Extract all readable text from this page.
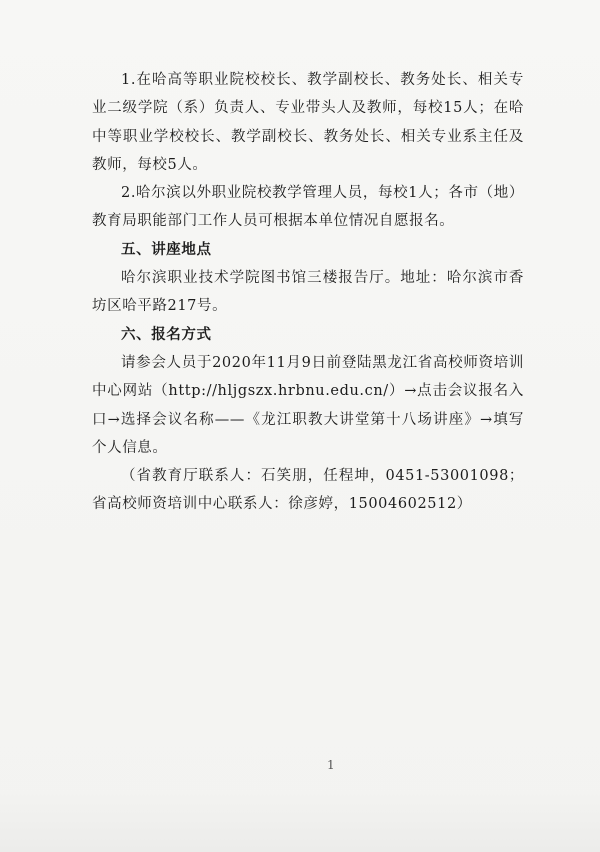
1.在哈高等职业院校校长、教学副校长、教务处长、相关专业二级学院（系）负责人、专业带头人及教师，每校15人；在哈中等职业学校校长、教学副校长、教务处长、相关专业系主任及教师，每校5人。

2.哈尔滨以外职业院校教学管理人员，每校1人；各市（地）教育局职能部门工作人员可根据本单位情况自愿报名。

五、讲座地点

哈尔滨职业技术学院图书馆三楼报告厅。地址：哈尔滨市香坊区哈平路217号。

六、报名方式

请参会人员于2020年11月9日前登陆黑龙江省高校师资培训中心网站（http://hljgszx.hrbnu.edu.cn/）→点击会议报名入口→选择会议名称——《龙江职教大讲堂第十八场讲座》→填写个人信息。

（省教育厅联系人：石笑朋，任程坤，0451-53001098；省高校师资培训中心联系人：徐彦婷，15004602512）

1
